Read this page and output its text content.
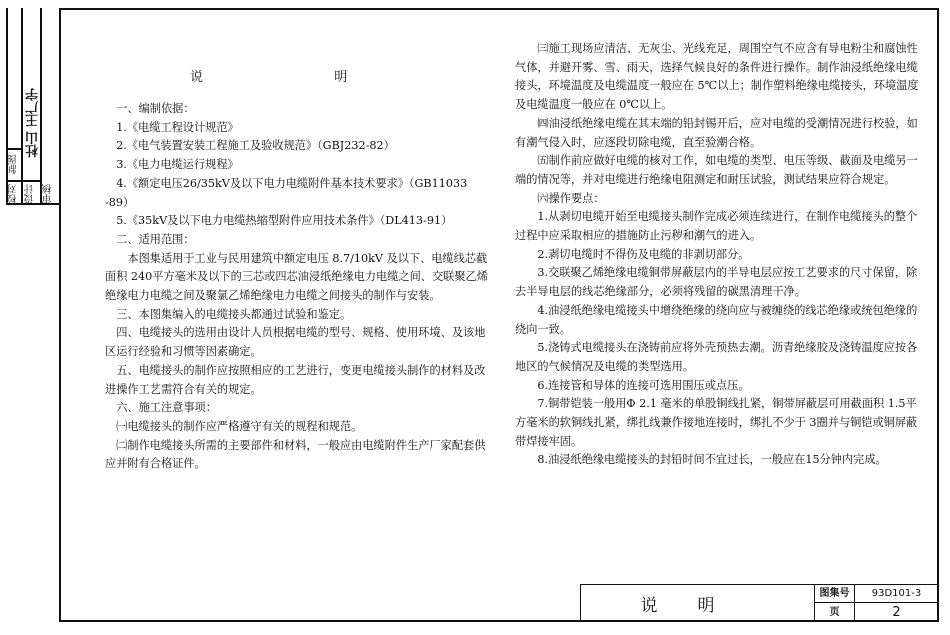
校对 设计 审核
制图
杜山 王广宇
说	明

一、编制依据：

1.《电缆工程设计规范》

2.《电气装置安装工程施工及验收规范》（GBJ232-82）

3.《电力电缆运行规程》

4.《额定电压26/35kV及以下电力电缆附件基本技术要求》（GB11033

-89）

5.《35kV及以下电力电缆热缩型附件应用技术条件》（DL413-91）

二、适用范围：

本图集适用于工业与民用建筑中额定电压 8.7/10kV 及以下、电缆线芯截面积 240平方毫米及以下的三芯或四芯油浸纸绝缘电力电缆之间、交联聚乙烯绝缘电力电缆之间及聚氯乙烯绝缘电力电缆之间接头的制作与安装。

三、本图集编入的电缆接头都通过试验和鉴定。

四、电缆接头的选用由设计人员根据电缆的型号、规格、使用环境、及该地区运行经验和习惯等因素确定。

五、电缆接头的制作应按照相应的工艺进行，变更电缆接头制作的材料及改进操作工艺需符合有关的规定。

六、施工注意事项：

㈠电缆接头的制作应严格遵守有关的规程和规范。

㈡制作电缆接头所需的主要部件和材料，一般应由电缆附件生产厂家配套供应并附有合格证件。

㈢施工现场应清洁、无灰尘、光线充足，周围空气不应含有导电粉尘和腐蚀性气体，并避开雾、雪、雨天，选择气候良好的条件进行操作。制作油浸纸绝缘电缆接头，环境温度及电缆温度一般应在 5℃以上；制作塑料绝缘电缆接头，环境温度及电缆温度一般应在 0℃以上。

㈣油浸纸绝缘电缆在其末端的铅封锡开后，应对电缆的受潮情况进行校验，如有潮气侵入时，应逐段切除电缆，直至验潮合格。

㈤制作前应做好电缆的核对工作，如电缆的类型、电压等级、截面及电缆另一端的情况等，并对电缆进行绝缘电阻测定和耐压试验，测试结果应符合规定。

㈥操作要点：

1.从剥切电缆开始至电缆接头制作完成必须连续进行，在制作电缆接头的整个过程中应采取相应的措施防止污秽和潮气的进入。

2.剥切电缆时不得伤及电缆的非剥切部分。

3.交联聚乙烯绝缘电缆铜带屏蔽层内的半导电层应按工艺要求的尺寸保留，除去半导电层的线芯绝缘部分，必须将残留的碳黑清理干净。

4.油浸纸绝缘电缆接头中增绕绝缘的绕向应与被缠绕的线芯绝缘或统包绝缘的绕向一致。

5.浇铸式电缆接头在浇铸前应将外壳预热去潮。沥青绝缘胶及浇铸温度应按各地区的气候情况及电缆的类型选用。

6.连接管和导体的连接可选用围压或点压。

7.铜带铠装一般用Φ 2.1 毫米的单股铜线扎紧，铜带屏蔽层可用截面积 1.5平方毫米的软铜线扎紧，绑扎线兼作接地连接时，绑扎不少于 3圈并与铜铠或铜屏蔽带焊接牢固。

8.油浸纸绝缘电缆接头的封铅时间不宜过长，一般应在15分钟内完成。

说明
图集号	93D101-3
页	2
